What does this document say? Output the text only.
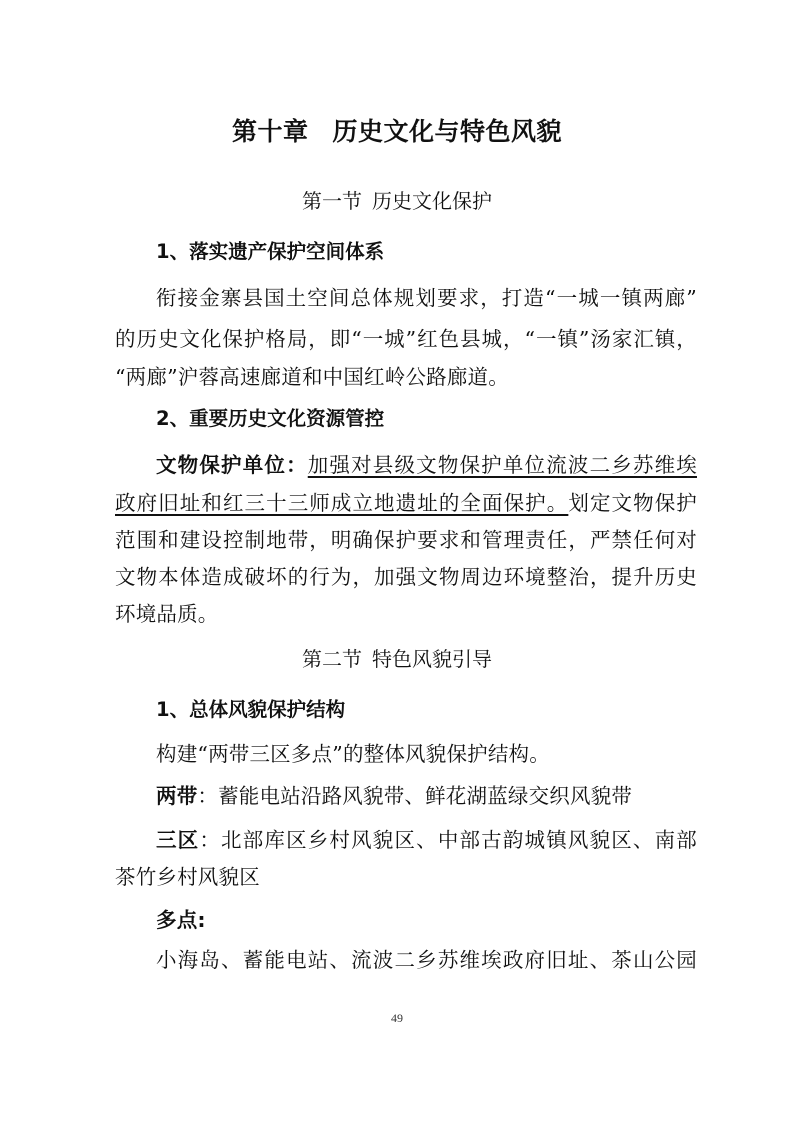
第十章 历史文化与特色风貌
第一节 历史文化保护
1、落实遗产保护空间体系
衔接金寨县国土空间总体规划要求，打造“一城一镇两廊”
的历史文化保护格局，即“一城”红色县城，“一镇”汤家汇镇，
“两廊”沪蓉高速廊道和中国红岭公路廊道。
2、重要历史文化资源管控
文物保护单位：加强对县级文物保护单位流波二乡苏维埃
政府旧址和红三十三师成立地遗址的全面保护。划定文物保护
范围和建设控制地带，明确保护要求和管理责任，严禁任何对
文物本体造成破坏的行为，加强文物周边环境整治，提升历史
环境品质。
第二节 特色风貌引导
1、总体风貌保护结构
构建“两带三区多点”的整体风貌保护结构。
两带：蓄能电站沿路风貌带、鲜花湖蓝绿交织风貌带
三区：北部库区乡村风貌区、中部古韵城镇风貌区、南部
茶竹乡村风貌区
多点:
小海岛、蓄能电站、流波二乡苏维埃政府旧址、茶山公园
49
